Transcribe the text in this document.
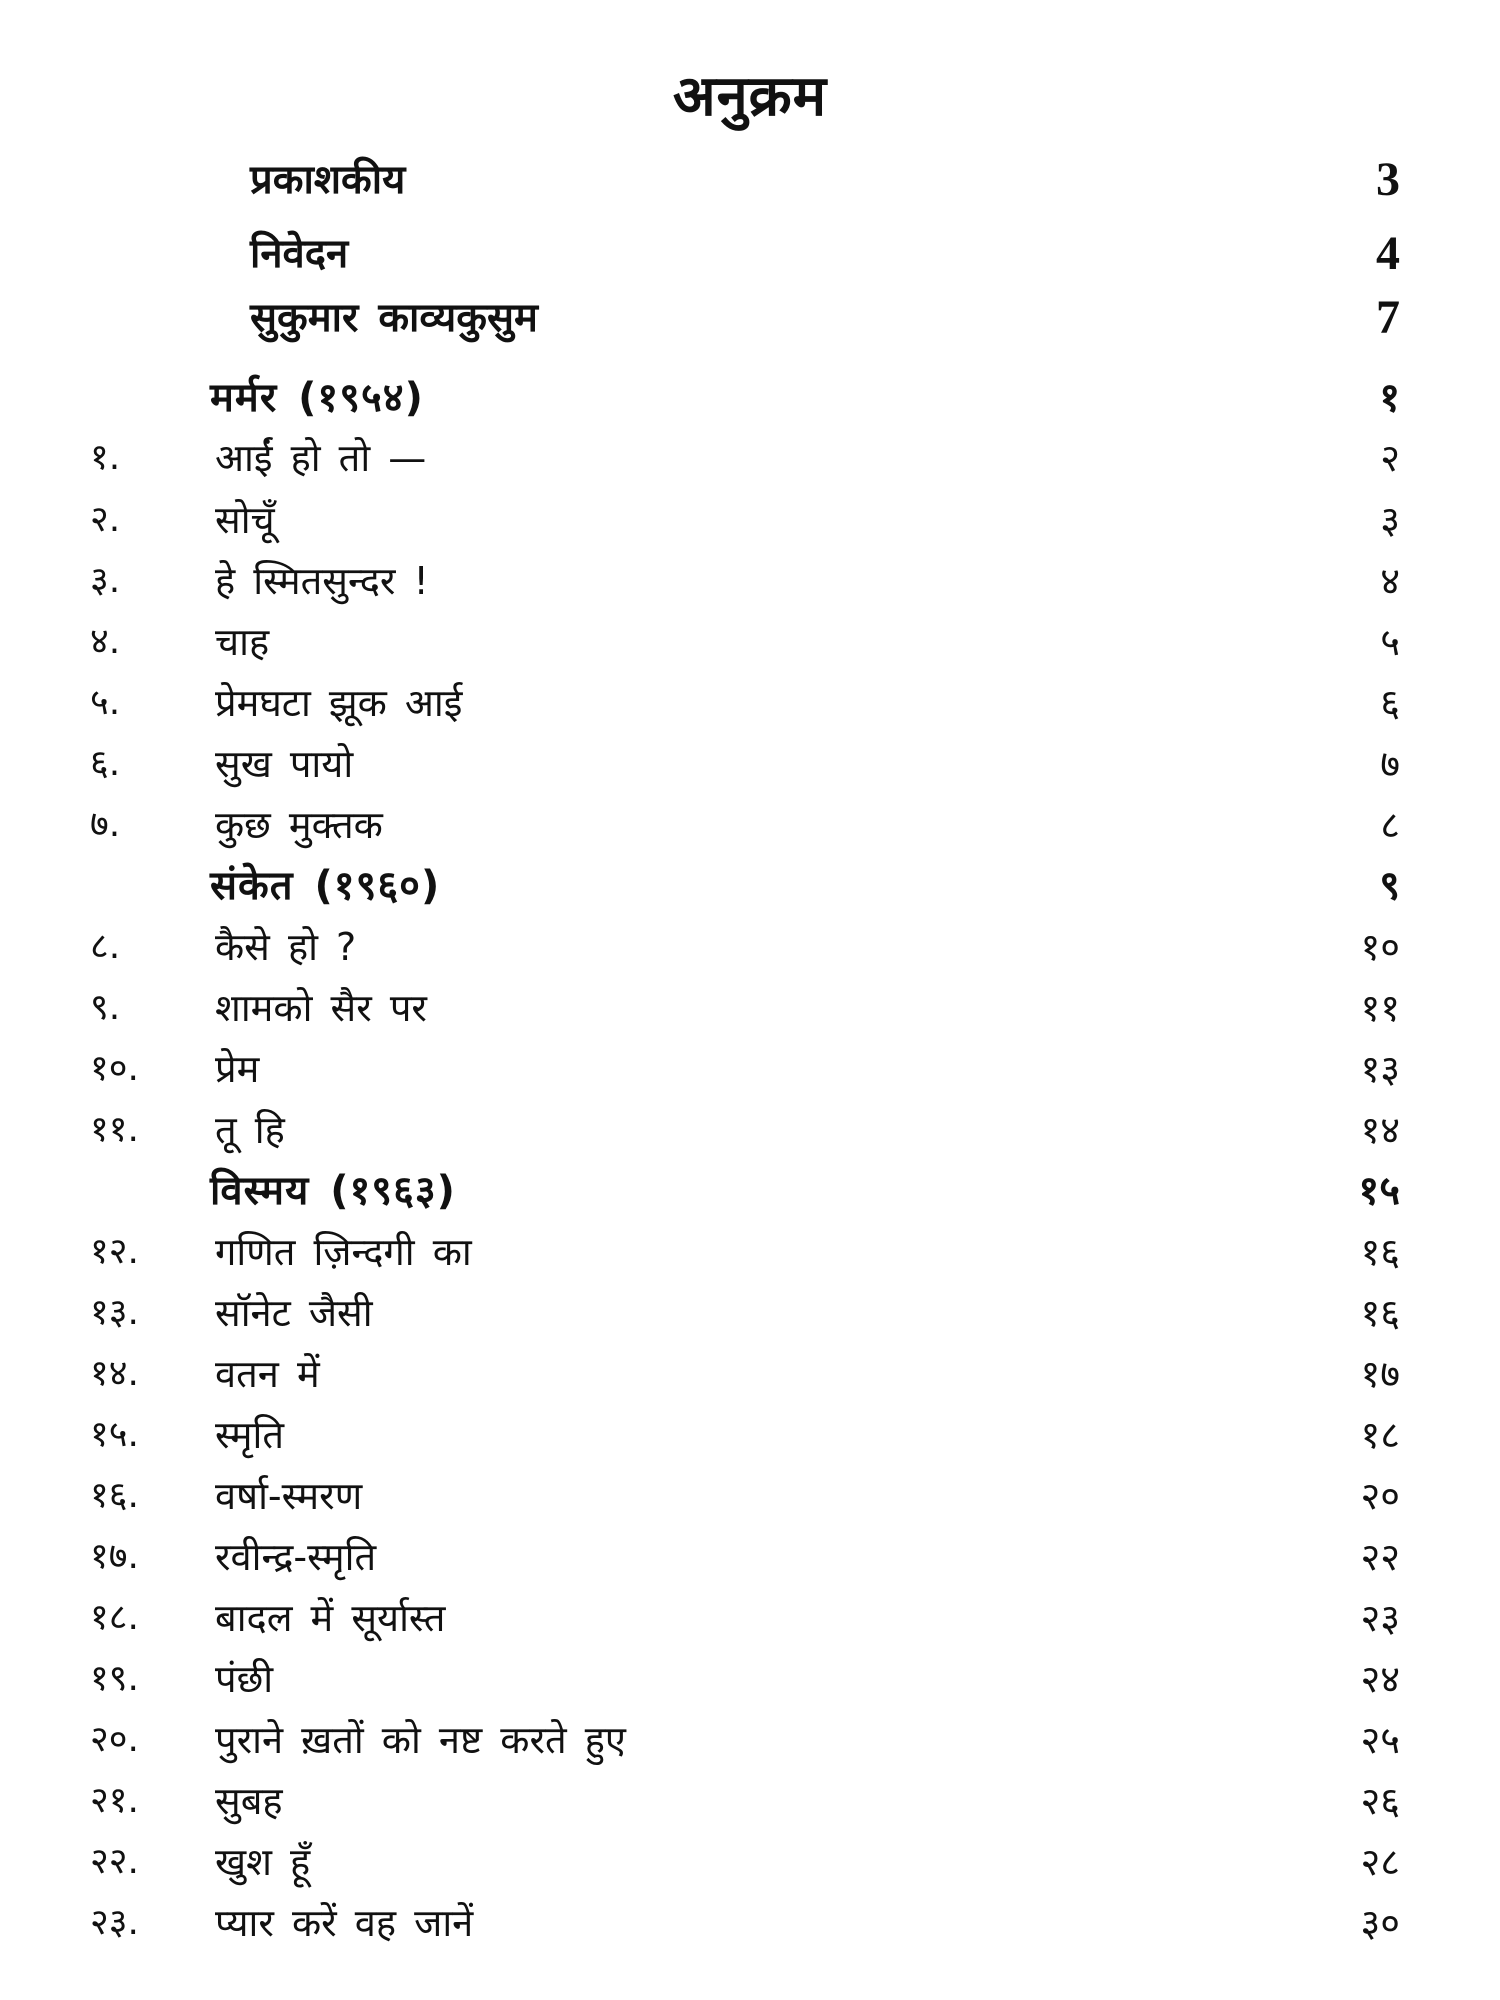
अनुक्रम
प्रकाशकीय	3
निवेदन	4
सुकुमार काव्यकुसुम	7
मर्मर (१९५४)	१
१. आईं हो तो —	२
२. सोचूँ	३
३. हे स्मितसुन्दर !	४
४. चाह	५
५. प्रेमघटा झूक आई	६
६. सुख पायो	७
७. कुछ मुक्तक	८
संकेत (१९६०)	९
८. कैसे हो ?	१०
९. शामको सैर पर	११
१०. प्रेम	१३
११. तू हि	१४
विस्मय (१९६३)	१५
१२. गणित ज़िन्दगी का	१६
१३. सॉनेट जैसी	१६
१४. वतन में	१७
१५. स्मृति	१८
१६. वर्षा-स्मरण	२०
१७. रवीन्द्र-स्मृति	२२
१८. बादल में सूर्यास्त	२३
१९. पंछी	२४
२०. पुराने ख़तों को नष्ट करते हुए	२५
२१. सुबह	२६
२२. खुश हूँ	२८
२३. प्यार करें वह जानें	३०
